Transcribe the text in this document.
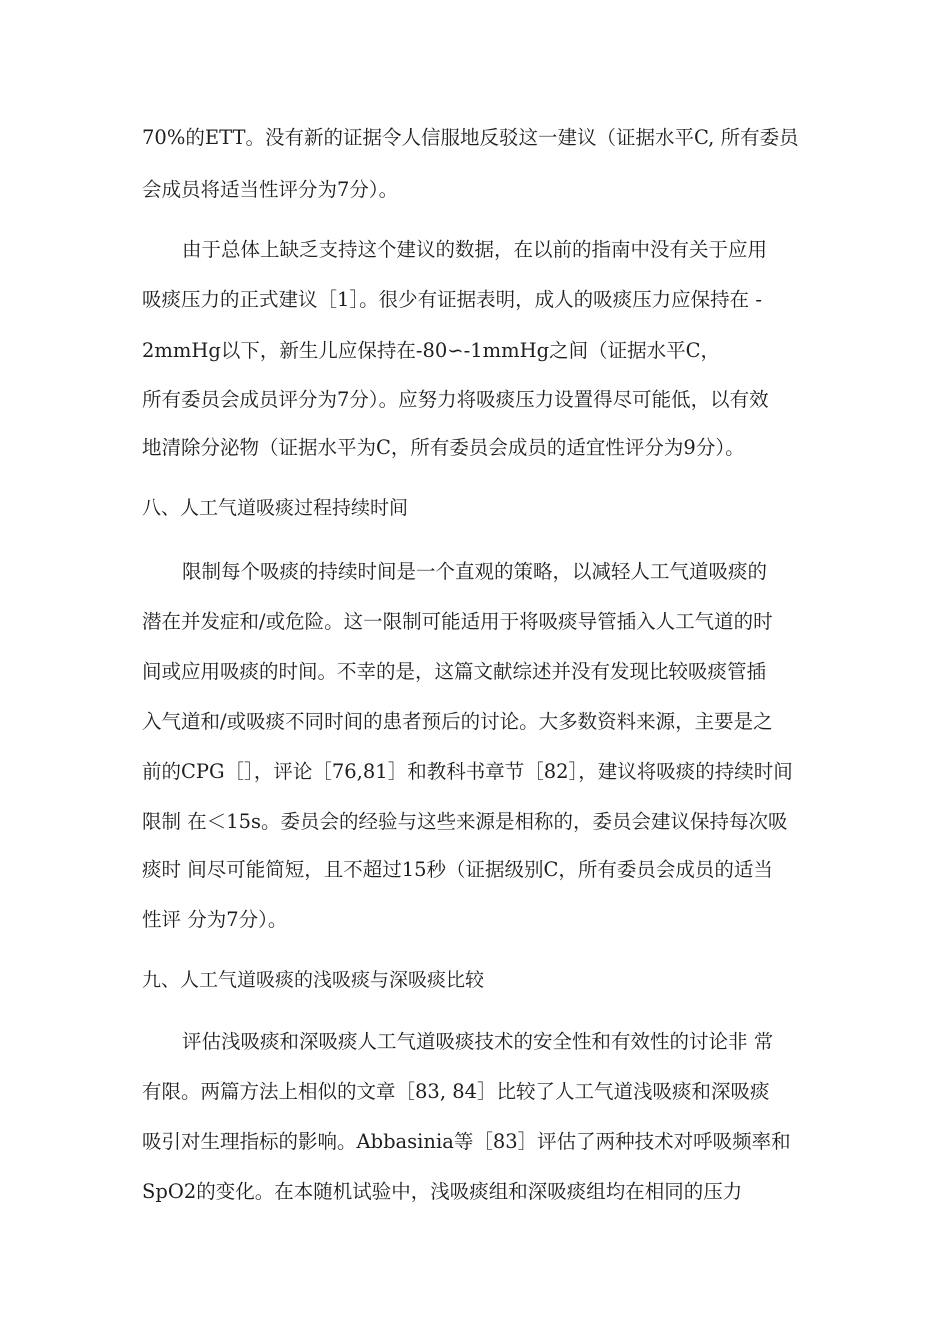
70%的ETT。没有新的证据令人信服地反驳这一建议（证据水平C, 所有委员
会成员将适当性评分为7分）。
由于总体上缺乏支持这个建议的数据，在以前的指南中没有关于应用
吸痰压力的正式建议［1］。很少有证据表明，成人的吸痰压力应保持在 -
2mmHg以下，新生儿应保持在-80∽-1mmHg之间（证据水平C，
所有委员会成员评分为7分）。应努力将吸痰压力设置得尽可能低，以有效
地清除分泌物（证据水平为C，所有委员会成员的适宜性评分为9分）。
八、人工气道吸痰过程持续时间
限制每个吸痰的持续时间是一个直观的策略，以减轻人工气道吸痰的
潜在并发症和/或危险。这一限制可能适用于将吸痰导管插入人工气道的时
间或应用吸痰的时间。不幸的是，这篇文献综述并没有发现比较吸痰管插
入气道和/或吸痰不同时间的患者预后的讨论。大多数资料来源，主要是之
前的CPG［］，评论［76,81］和教科书章节［82］，建议将吸痰的持续时间
限制 在＜15s。委员会的经验与这些来源是相称的，委员会建议保持每次吸
痰时 间尽可能简短，且不超过15秒（证据级别C，所有委员会成员的适当
性评 分为7分）。
九、人工气道吸痰的浅吸痰与深吸痰比较
评估浅吸痰和深吸痰人工气道吸痰技术的安全性和有效性的讨论非 常
有限。两篇方法上相似的文章［83, 84］比较了人工气道浅吸痰和深吸痰
吸引对生理指标的影响。Abbasinia等［83］评估了两种技术对呼吸频率和
SpO2的变化。在本随机试验中，浅吸痰组和深吸痰组均在相同的压力
